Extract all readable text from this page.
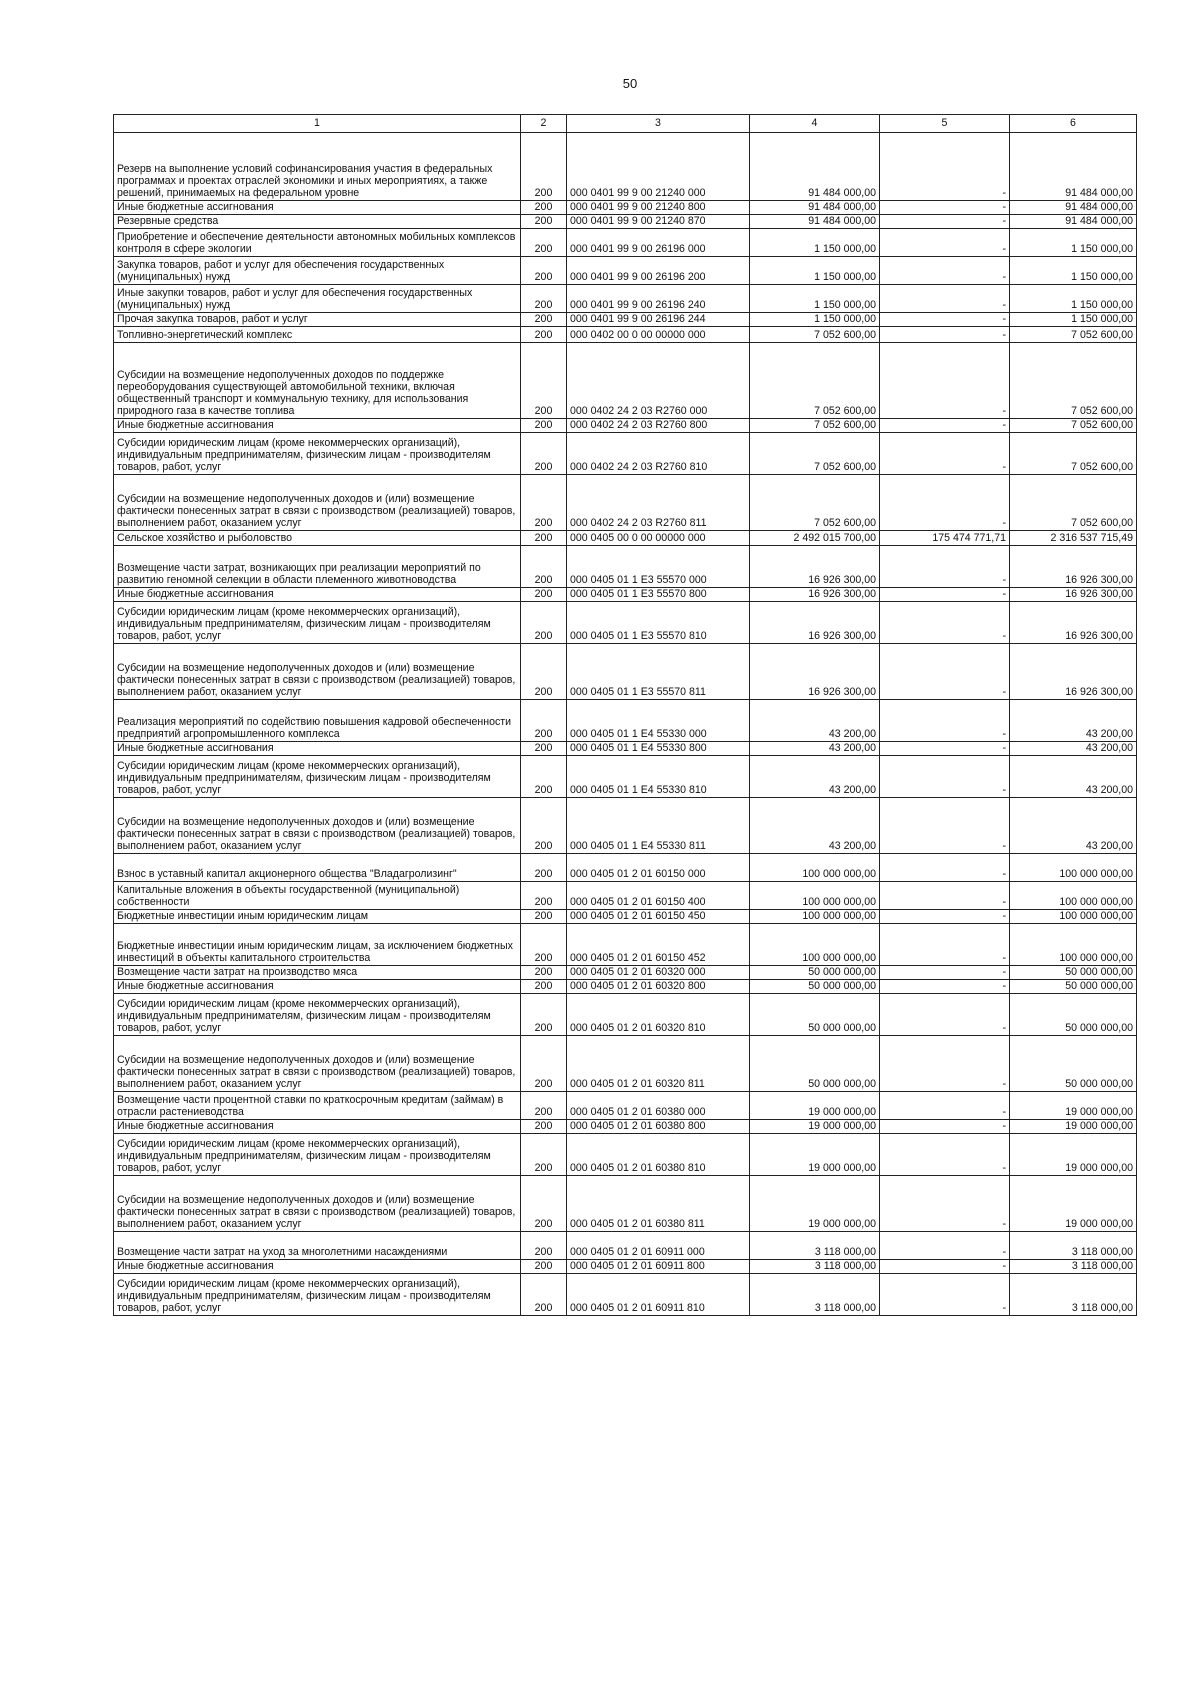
50
1	2	3	4	5	6
Резерв на выполнение условий софинансирования участия в федеральных программах и проектах отраслей экономики и иных мероприятиях, а также решений, принимаемых на федеральном уровне	200	000 0401 99 9 00 21240 000	91 484 000,00	-	91 484 000,00
Иные бюджетные ассигнования	200	000 0401 99 9 00 21240 800	91 484 000,00	-	91 484 000,00
Резервные средства	200	000 0401 99 9 00 21240 870	91 484 000,00	-	91 484 000,00
Приобретение и обеспечение деятельности автономных мобильных комплексов контроля в сфере экологии	200	000 0401 99 9 00 26196 000	1 150 000,00	-	1 150 000,00
Закупка товаров, работ и услуг для обеспечения государственных (муниципальных) нужд	200	000 0401 99 9 00 26196 200	1 150 000,00	-	1 150 000,00
Иные закупки товаров, работ и услуг для обеспечения государственных (муниципальных) нужд	200	000 0401 99 9 00 26196 240	1 150 000,00	-	1 150 000,00
Прочая закупка товаров, работ и услуг	200	000 0401 99 9 00 26196 244	1 150 000,00	-	1 150 000,00
Топливно-энергетический комплекс	200	000 0402 00 0 00 00000 000	7 052 600,00	-	7 052 600,00
Субсидии на возмещение недополученных доходов по поддержке переоборудования существующей автомобильной техники, включая общественный транспорт и коммунальную технику, для использования природного газа в качестве топлива	200	000 0402 24 2 03 R2760 000	7 052 600,00	-	7 052 600,00
Иные бюджетные ассигнования	200	000 0402 24 2 03 R2760 800	7 052 600,00	-	7 052 600,00
Субсидии юридическим лицам (кроме некоммерческих организаций), индивидуальным предпринимателям, физическим лицам - производителям товаров, работ, услуг	200	000 0402 24 2 03 R2760 810	7 052 600,00	-	7 052 600,00
Субсидии на возмещение недополученных доходов и (или) возмещение фактически понесенных затрат в связи с производством (реализацией) товаров, выполнением работ, оказанием услуг	200	000 0402 24 2 03 R2760 811	7 052 600,00	-	7 052 600,00
Сельское хозяйство и рыболовство	200	000 0405 00 0 00 00000 000	2 492 015 700,00	175 474 771,71	2 316 537 715,49
Возмещение части затрат, возникающих при реализации мероприятий по развитию геномной селекции в области племенного животноводства	200	000 0405 01 1 E3 55570 000	16 926 300,00	-	16 926 300,00
Иные бюджетные ассигнования	200	000 0405 01 1 E3 55570 800	16 926 300,00	-	16 926 300,00
Субсидии юридическим лицам (кроме некоммерческих организаций), индивидуальным предпринимателям, физическим лицам - производителям товаров, работ, услуг	200	000 0405 01 1 E3 55570 810	16 926 300,00	-	16 926 300,00
Субсидии на возмещение недополученных доходов и (или) возмещение фактически понесенных затрат в связи с производством (реализацией) товаров, выполнением работ, оказанием услуг	200	000 0405 01 1 E3 55570 811	16 926 300,00	-	16 926 300,00
Реализация мероприятий по содействию повышения кадровой обеспеченности предприятий агропромышленного комплекса	200	000 0405 01 1 E4 55330 000	43 200,00	-	43 200,00
Иные бюджетные ассигнования	200	000 0405 01 1 E4 55330 800	43 200,00	-	43 200,00
Субсидии юридическим лицам (кроме некоммерческих организаций), индивидуальным предпринимателям, физическим лицам - производителям товаров, работ, услуг	200	000 0405 01 1 E4 55330 810	43 200,00	-	43 200,00
Субсидии на возмещение недополученных доходов и (или) возмещение фактически понесенных затрат в связи с производством (реализацией) товаров, выполнением работ, оказанием услуг	200	000 0405 01 1 E4 55330 811	43 200,00	-	43 200,00
Взнос в уставный капитал акционерного общества "Владагролизинг"	200	000 0405 01 2 01 60150 000	100 000 000,00	-	100 000 000,00
Капитальные вложения в объекты государственной (муниципальной) собственности	200	000 0405 01 2 01 60150 400	100 000 000,00	-	100 000 000,00
Бюджетные инвестиции иным юридическим лицам	200	000 0405 01 2 01 60150 450	100 000 000,00	-	100 000 000,00
Бюджетные инвестиции иным юридическим лицам, за исключением бюджетных инвестиций в объекты капитального строительства	200	000 0405 01 2 01 60150 452	100 000 000,00	-	100 000 000,00
Возмещение части затрат на производство мяса	200	000 0405 01 2 01 60320 000	50 000 000,00	-	50 000 000,00
Иные бюджетные ассигнования	200	000 0405 01 2 01 60320 800	50 000 000,00	-	50 000 000,00
Субсидии юридическим лицам (кроме некоммерческих организаций), индивидуальным предпринимателям, физическим лицам - производителям товаров, работ, услуг	200	000 0405 01 2 01 60320 810	50 000 000,00	-	50 000 000,00
Субсидии на возмещение недополученных доходов и (или) возмещение фактически понесенных затрат в связи с производством (реализацией) товаров, выполнением работ, оказанием услуг	200	000 0405 01 2 01 60320 811	50 000 000,00	-	50 000 000,00
Возмещение части процентной ставки по краткосрочным кредитам (займам) в отрасли растениеводства	200	000 0405 01 2 01 60380 000	19 000 000,00	-	19 000 000,00
Иные бюджетные ассигнования	200	000 0405 01 2 01 60380 800	19 000 000,00	-	19 000 000,00
Субсидии юридическим лицам (кроме некоммерческих организаций), индивидуальным предпринимателям, физическим лицам - производителям товаров, работ, услуг	200	000 0405 01 2 01 60380 810	19 000 000,00	-	19 000 000,00
Субсидии на возмещение недополученных доходов и (или) возмещение фактически понесенных затрат в связи с производством (реализацией) товаров, выполнением работ, оказанием услуг	200	000 0405 01 2 01 60380 811	19 000 000,00	-	19 000 000,00
Возмещение части затрат на уход за многолетними насаждениями	200	000 0405 01 2 01 60911 000	3 118 000,00	-	3 118 000,00
Иные бюджетные ассигнования	200	000 0405 01 2 01 60911 800	3 118 000,00	-	3 118 000,00
Субсидии юридическим лицам (кроме некоммерческих организаций), индивидуальным предпринимателям, физическим лицам - производителям товаров, работ, услуг	200	000 0405 01 2 01 60911 810	3 118 000,00	-	3 118 000,00
